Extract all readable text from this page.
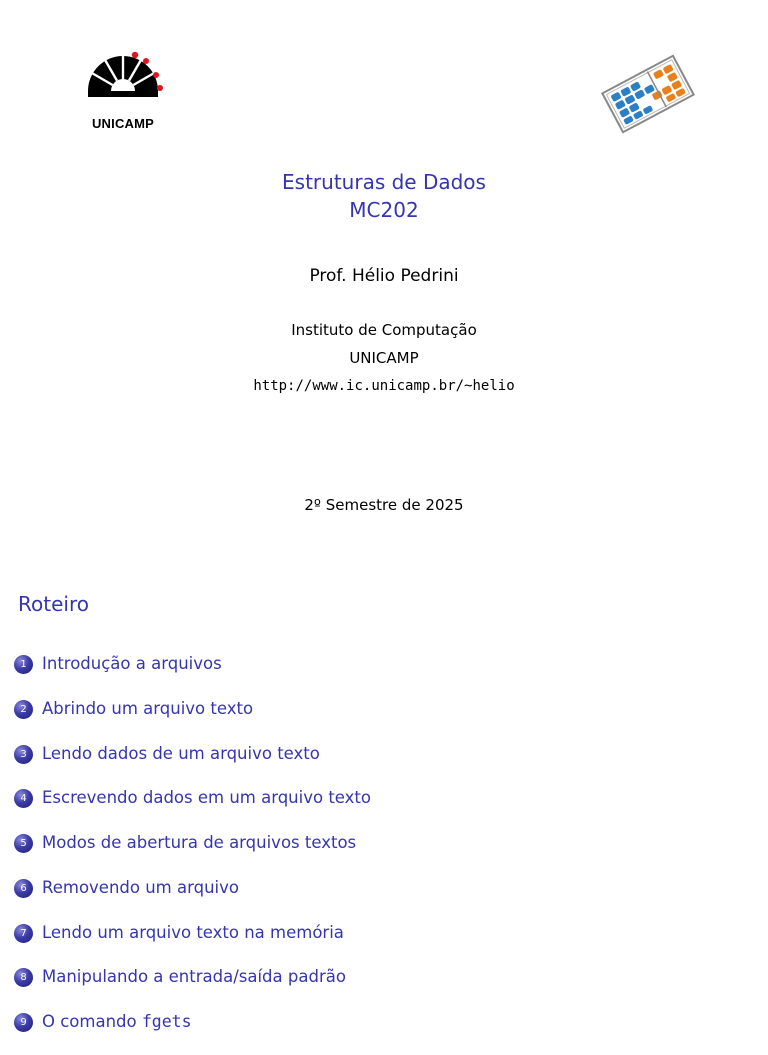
UNICAMP
Estruturas de Dados
MC202
Prof. Hélio Pedrini
Instituto de Computação
UNICAMP
http://www.ic.unicamp.br/~helio
2º Semestre de 2025
Roteiro
1 Introdução a arquivos
2 Abrindo um arquivo texto
3 Lendo dados de um arquivo texto
4 Escrevendo dados em um arquivo texto
5 Modos de abertura de arquivos textos
6 Removendo um arquivo
7 Lendo um arquivo texto na memória
8 Manipulando a entrada/saída padrão
9 O comando fgets
